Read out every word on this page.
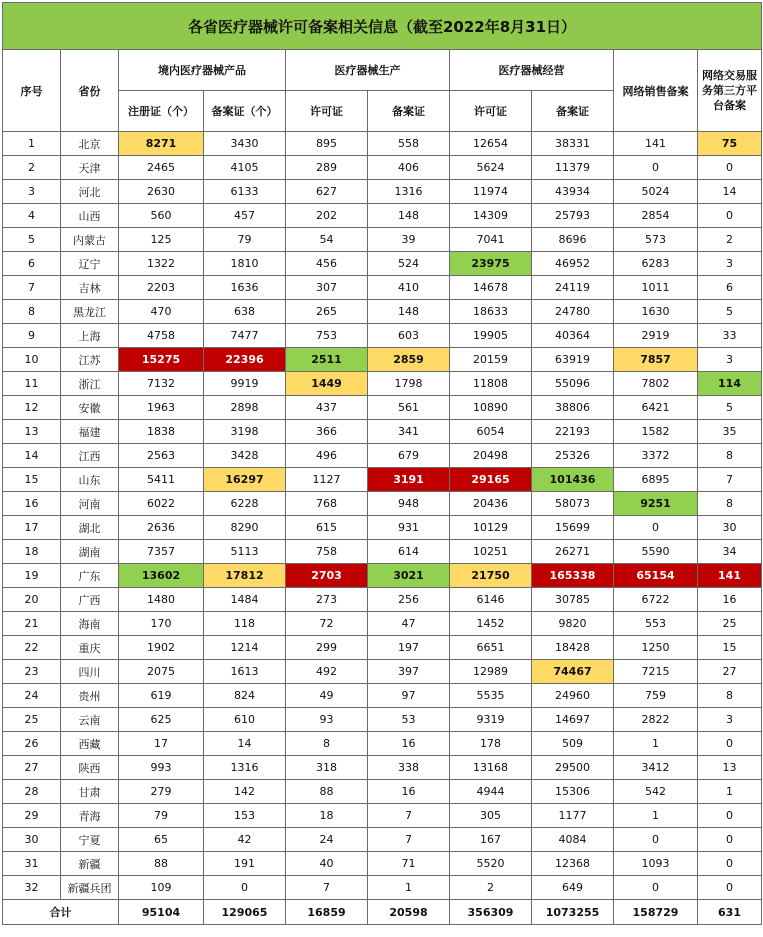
各省医疗器械许可备案相关信息（截至2022年8月31日）									
序号	省份	境内医疗器械产品		医疗器械生产		医疗器械经营		网络销售备案	网络交易服务第三方平台备案
		注册证（个）	备案证（个）	许可证	备案证	许可证	备案证		
1	北京	8271	3430	895	558	12654	38331	141	75
2	天津	2465	4105	289	406	5624	11379	0	0
3	河北	2630	6133	627	1316	11974	43934	5024	14
4	山西	560	457	202	148	14309	25793	2854	0
5	内蒙古	125	79	54	39	7041	8696	573	2
6	辽宁	1322	1810	456	524	23975	46952	6283	3
7	吉林	2203	1636	307	410	14678	24119	1011	6
8	黑龙江	470	638	265	148	18633	24780	1630	5
9	上海	4758	7477	753	603	19905	40364	2919	33
10	江苏	15275	22396	2511	2859	20159	63919	7857	3
11	浙江	7132	9919	1449	1798	11808	55096	7802	114
12	安徽	1963	2898	437	561	10890	38806	6421	5
13	福建	1838	3198	366	341	6054	22193	1582	35
14	江西	2563	3428	496	679	20498	25326	3372	8
15	山东	5411	16297	1127	3191	29165	101436	6895	7
16	河南	6022	6228	768	948	20436	58073	9251	8
17	湖北	2636	8290	615	931	10129	15699	0	30
18	湖南	7357	5113	758	614	10251	26271	5590	34
19	广东	13602	17812	2703	3021	21750	165338	65154	141
20	广西	1480	1484	273	256	6146	30785	6722	16
21	海南	170	118	72	47	1452	9820	553	25
22	重庆	1902	1214	299	197	6651	18428	1250	15
23	四川	2075	1613	492	397	12989	74467	7215	27
24	贵州	619	824	49	97	5535	24960	759	8
25	云南	625	610	93	53	9319	14697	2822	3
26	西藏	17	14	8	16	178	509	1	0
27	陕西	993	1316	318	338	13168	29500	3412	13
28	甘肃	279	142	88	16	4944	15306	542	1
29	青海	79	153	18	7	305	1177	1	0
30	宁夏	65	42	24	7	167	4084	0	0
31	新疆	88	191	40	71	5520	12368	1093	0
32	新疆兵团	109	0	7	1	2	649	0	0
合计		95104	129065	16859	20598	356309	1073255	158729	631
